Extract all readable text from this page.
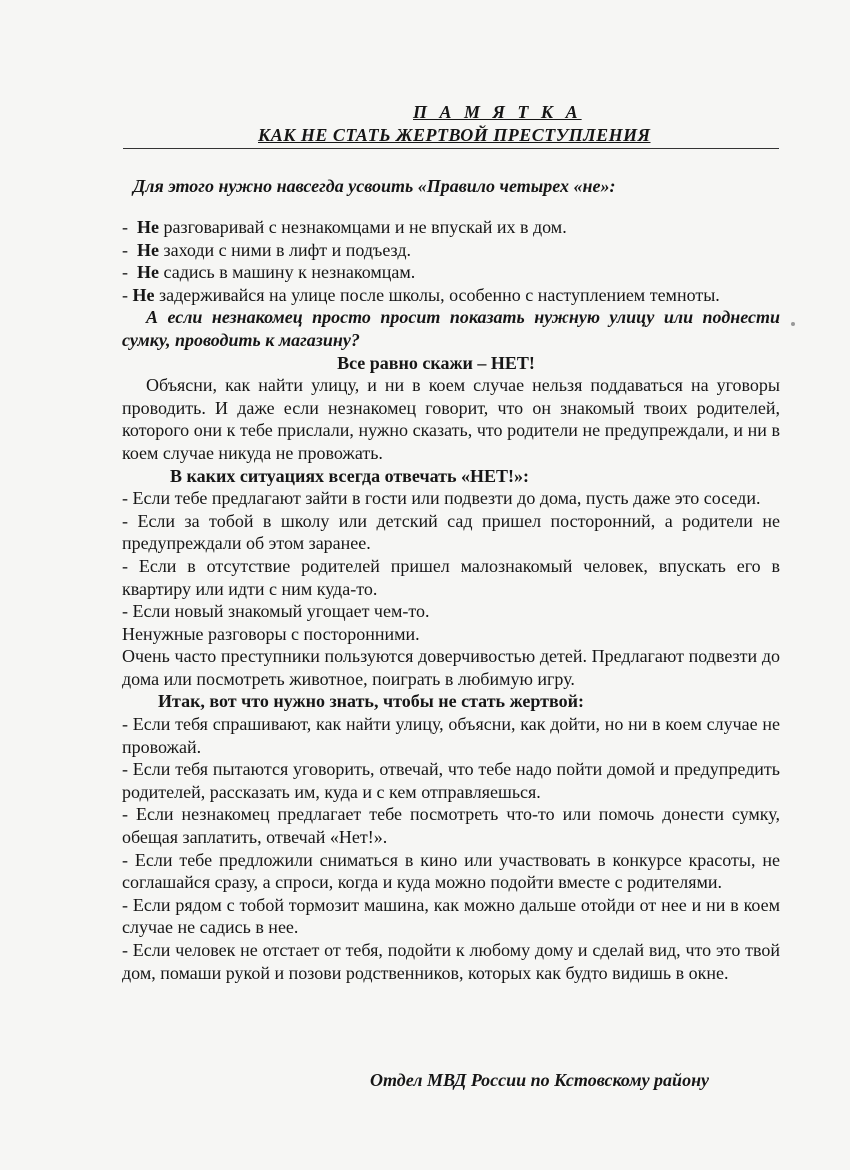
П А М Я Т К А
КАК НЕ СТАТЬ ЖЕРТВОЙ ПРЕСТУПЛЕНИЯ
Для этого нужно навсегда усвоить «Правило четырех «не»:

-  Не разговаривай с незнакомцами и не впускай их в дом.

-  Не заходи с ними в лифт и подъезд.

-  Не садись в машину к незнакомцам.

- Не задерживайся на улице после школы, особенно с наступлением темноты.

А если незнакомец просто просит показать нужную улицу или поднести сумку, проводить к магазину?

Все равно скажи – НЕТ!

Объясни, как найти улицу, и ни в коем случае нельзя поддаваться на уговоры проводить. И даже если незнакомец говорит, что он знакомый твоих родителей, которого они к тебе прислали, нужно сказать, что родители не предупреждали, и ни в коем случае никуда не провожать.

В каких ситуациях всегда отвечать «НЕТ!»:

- Если тебе предлагают зайти в гости или подвезти до дома, пусть даже это соседи.

- Если за тобой в школу или детский сад пришел посторонний, а родители не предупреждали об этом заранее.

- Если в отсутствие родителей пришел малознакомый человек, впускать его в квартиру или идти с ним куда-то.

- Если новый знакомый угощает чем-то.

Ненужные разговоры с посторонними.

Очень часто преступники пользуются доверчивостью детей. Предлагают подвезти до дома или посмотреть животное, поиграть в любимую игру.

Итак, вот что нужно знать, чтобы не стать жертвой:

- Если тебя спрашивают, как найти улицу, объясни, как дойти, но ни в коем случае не провожай.

- Если тебя пытаются уговорить, отвечай, что тебе надо пойти домой и предупредить родителей, рассказать им, куда и с кем отправляешься.

- Если незнакомец предлагает тебе посмотреть что-то или помочь донести сумку, обещая заплатить, отвечай «Нет!».

- Если тебе предложили сниматься в кино или участвовать в конкурсе красоты, не соглашайся сразу, а спроси, когда и куда можно подойти вместе с родителями.

- Если рядом с тобой тормозит машина, как можно дальше отойди от нее и ни в коем случае не садись в нее.

- Если человек не отстает от тебя, подойти к любому дому и сделай вид, что это твой дом, помаши рукой и позови родственников, которых как будто видишь в окне.

Отдел МВД России по Кстовскому району
